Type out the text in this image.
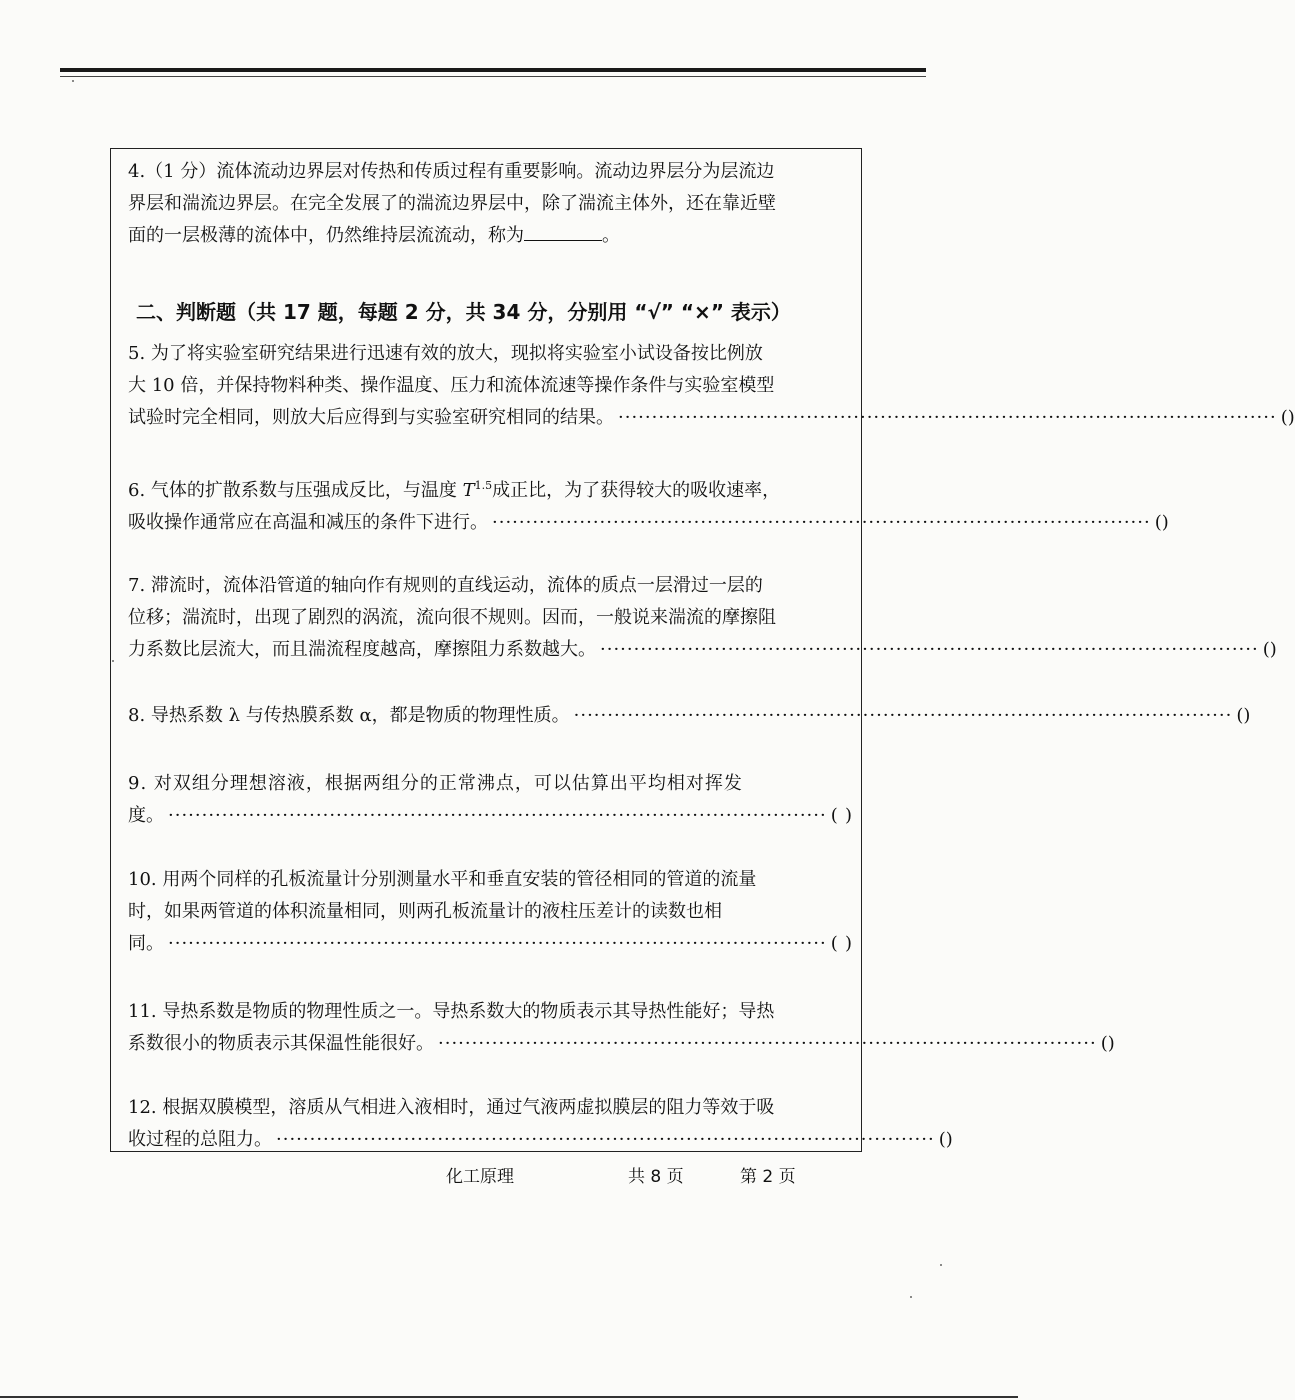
4.（1 分）流体流动边界层对传热和传质过程有重要影响。流动边界层分为层流边

界层和湍流边界层。在完全发展了的湍流边界层中，除了湍流主体外，还在靠近壁

面的一层极薄的流体中，仍然维持层流流动，称为	。

二、判断题（共 17 题，每题 2 分，共 34 分，分别用 “√” “×” 表示）

5. 为了将实验室研究结果进行迅速有效的放大，现拟将实验室小试设备按比例放

大 10 倍，并保持物料种类、操作温度、压力和流体流速等操作条件与实验室模型

试验时完全相同，则放大后应得到与实验室研究相同的结果。 ·································································································· ( )

6. 气体的扩散系数与压强成反比，与温度 $T^{1.5}$成正比，为了获得较大的吸收速率，

吸收操作通常应在高温和减压的条件下进行。 ·································································································· ( )

7. 滞流时，流体沿管道的轴向作有规则的直线运动，流体的质点一层滑过一层的

位移；湍流时，出现了剧烈的涡流，流向很不规则。因而，一般说来湍流的摩擦阻

力系数比层流大，而且湍流程度越高，摩擦阻力系数越大。 ·································································································· ( )
8. 导热系数 λ 与传热膜系数 α，都是物质的物理性质。 ·································································································· ( )

9. 对双组分理想溶液，根据两组分的正常沸点，可以估算出平均相对挥发

度。 ·································································································· ( )

10. 用两个同样的孔板流量计分别测量水平和垂直安装的管径相同的管道的流量

时，如果两管道的体积流量相同，则两孔板流量计的液柱压差计的读数也相

同。 ·································································································· ( )

11. 导热系数是物质的物理性质之一。导热系数大的物质表示其导热性能好；导热

系数很小的物质表示其保温性能很好。 ·································································································· ( )

12. 根据双膜模型，溶质从气相进入液相时，通过气液两虚拟膜层的阻力等效于吸

收过程的总阻力。 ·································································································· ( )
化工原理	共 8 页	第 2 页
